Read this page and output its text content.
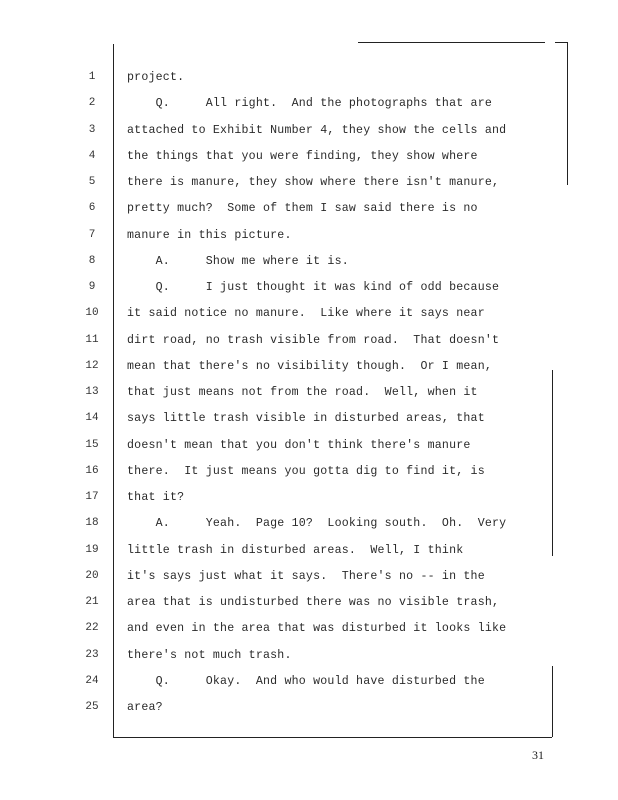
1	project.
2	Q.     All right.  And the photographs that are
3	attached to Exhibit Number 4, they show the cells and
4	the things that you were finding, they show where
5	there is manure, they show where there isn't manure,
6	pretty much?  Some of them I saw said there is no
7	manure in this picture.
8	A.     Show me where it is.
9	Q.     I just thought it was kind of odd because
10	it said notice no manure.  Like where it says near
11	dirt road, no trash visible from road.  That doesn't
12	mean that there's no visibility though.  Or I mean,
13	that just means not from the road.  Well, when it
14	says little trash visible in disturbed areas, that
15	doesn't mean that you don't think there's manure
16	there.  It just means you gotta dig to find it, is
17	that it?
18	A.     Yeah.  Page 10?  Looking south.  Oh.  Very
19	little trash in disturbed areas.  Well, I think
20	it's says just what it says.  There's no -- in the
21	area that is undisturbed there was no visible trash,
22	and even in the area that was disturbed it looks like
23	there's not much trash.
24	Q.     Okay.  And who would have disturbed the
25	area?
31
